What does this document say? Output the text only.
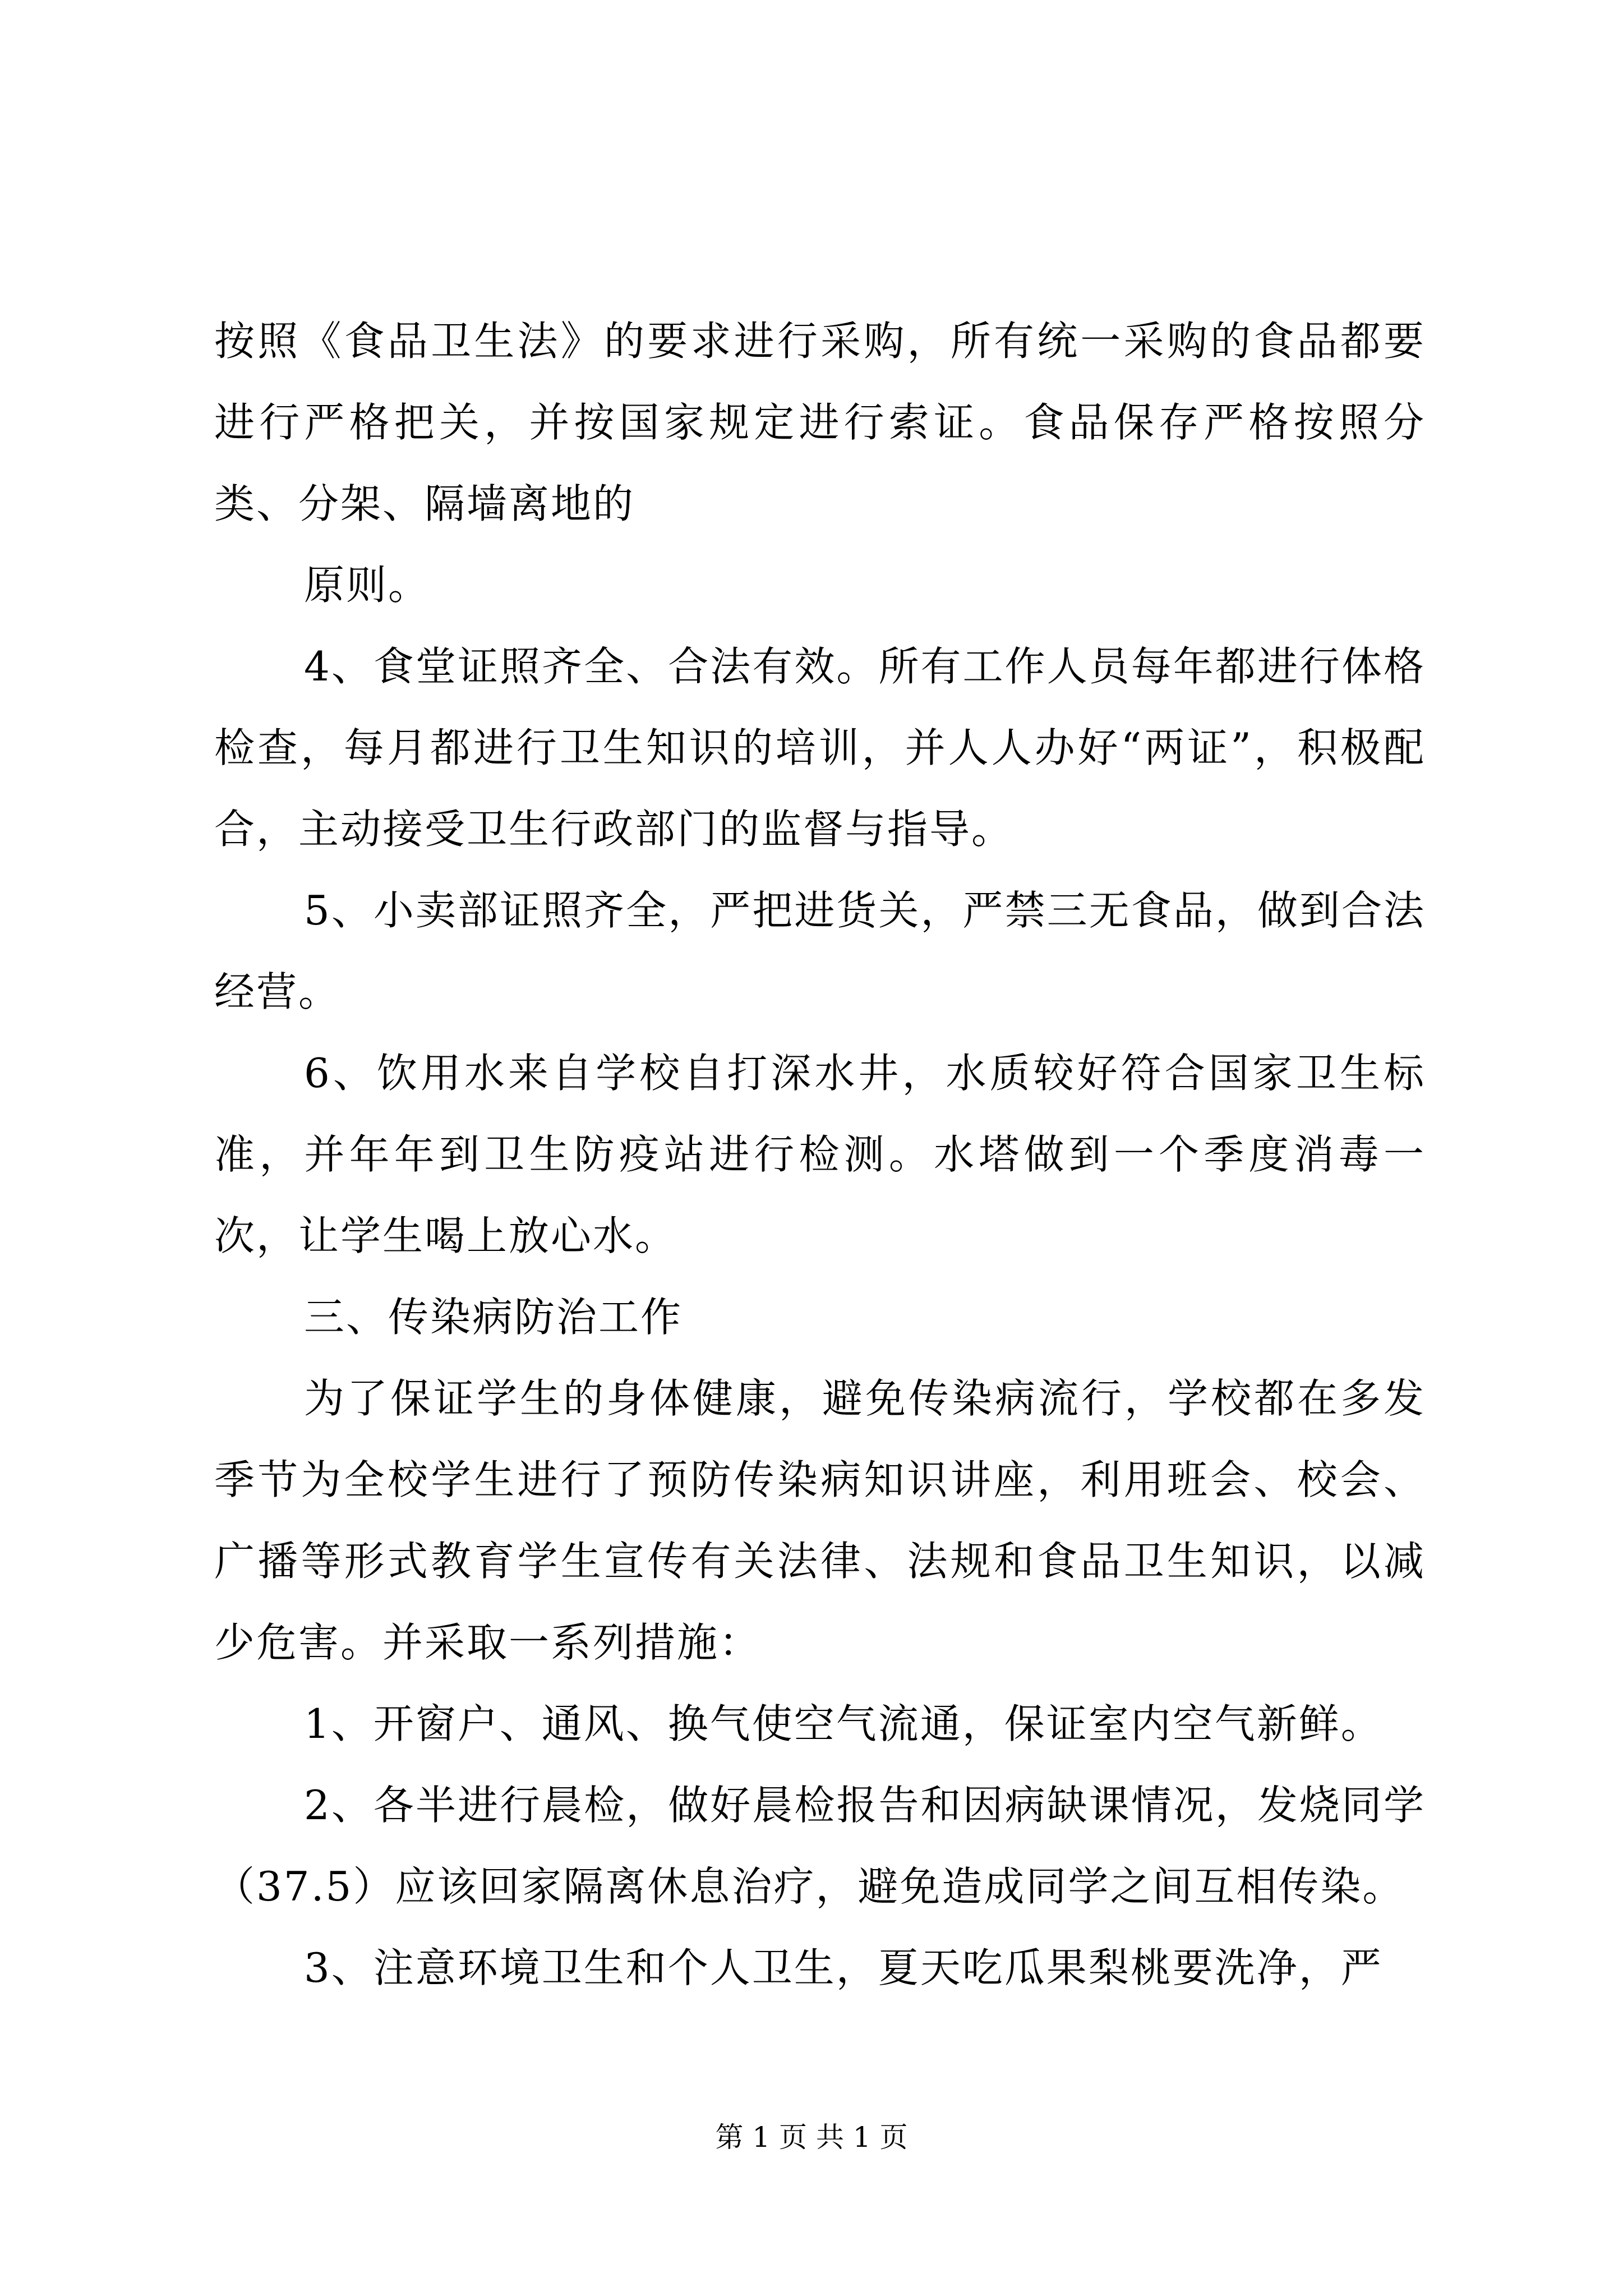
按照《食品卫生法》的要求进行采购，所有统一采购的食品都要进行严格把关，并按国家规定进行索证。食品保存严格按照分类、分架、隔墙离地的

原则。

4、食堂证照齐全、合法有效。所有工作人员每年都进行体格检查，每月都进行卫生知识的培训，并人人办好“两证”，积极配合，主动接受卫生行政部门的监督与指导。

5、小卖部证照齐全，严把进货关，严禁三无食品，做到合法经营。

6、饮用水来自学校自打深水井，水质较好符合国家卫生标准，并年年到卫生防疫站进行检测。水塔做到一个季度消毒一次，让学生喝上放心水。

三、传染病防治工作

为了保证学生的身体健康，避免传染病流行，学校都在多发季节为全校学生进行了预防传染病知识讲座，利用班会、校会、广播等形式教育学生宣传有关法律、法规和食品卫生知识，以减少危害。并采取一系列措施：

1、开窗户、通风、换气使空气流通，保证室内空气新鲜。

2、各半进行晨检，做好晨检报告和因病缺课情况，发烧同学（37.5）应该回家隔离休息治疗，避免造成同学之间互相传染。

3、注意环境卫生和个人卫生，夏天吃瓜果梨桃要洗净，严

第 1 页 共 1 页
